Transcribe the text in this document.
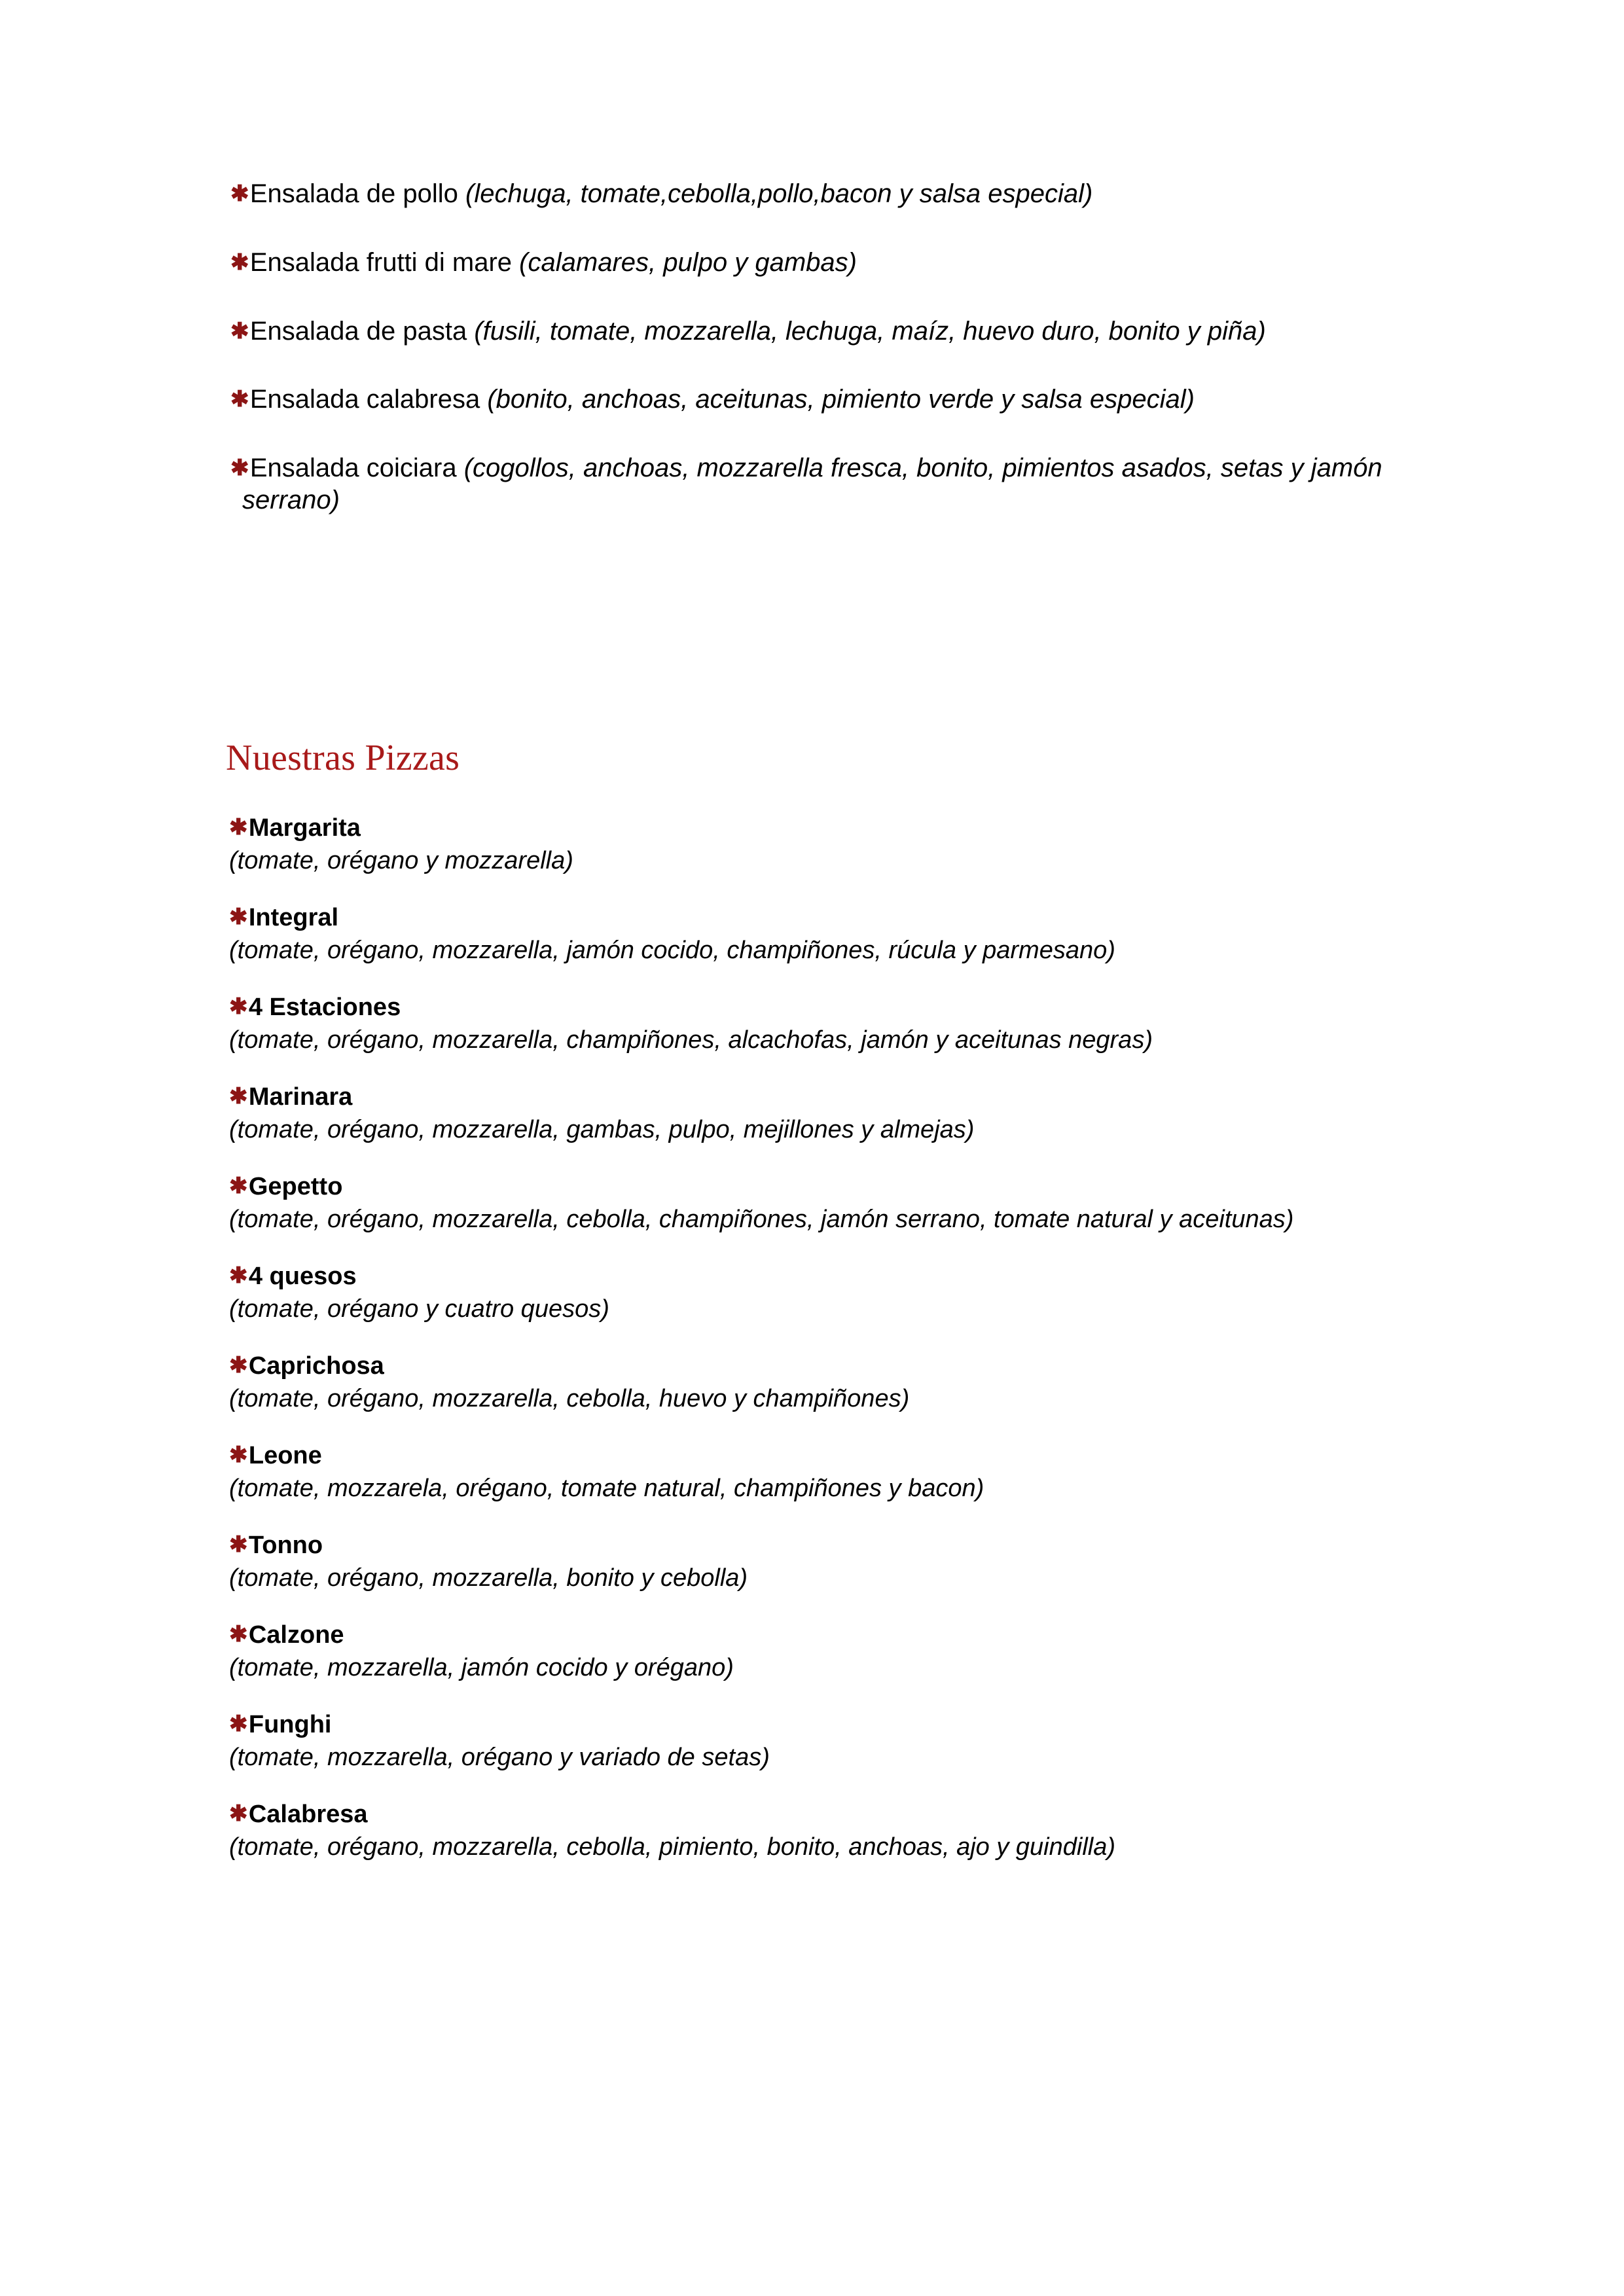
✱Ensalada de pollo (lechuga, tomate,cebolla,pollo,bacon y salsa especial)

✱Ensalada frutti di mare (calamares, pulpo y gambas)

✱Ensalada de pasta (fusili, tomate, mozzarella, lechuga, maíz, huevo duro, bonito y piña)

✱Ensalada calabresa (bonito, anchoas, aceitunas, pimiento verde y salsa especial)

✱Ensalada coiciara (cogollos, anchoas, mozzarella fresca, bonito, pimientos asados, setas y jamón serrano)

Nuestras Pizzas
✱Margarita
(tomate, orégano y mozzarella)
✱Integral
(tomate, orégano, mozzarella, jamón cocido, champiñones, rúcula y parmesano)
✱4 Estaciones
(tomate, orégano, mozzarella, champiñones, alcachofas, jamón y aceitunas negras)
✱Marinara
(tomate, orégano, mozzarella, gambas, pulpo, mejillones y almejas)
✱Gepetto
(tomate, orégano, mozzarella, cebolla, champiñones, jamón serrano, tomate natural y aceitunas)
✱4 quesos
(tomate, orégano y cuatro quesos)
✱Caprichosa
(tomate, orégano, mozzarella, cebolla, huevo y champiñones)
✱Leone
(tomate, mozzarela, orégano, tomate natural, champiñones y bacon)
✱Tonno
(tomate, orégano, mozzarella, bonito y cebolla)
✱Calzone
(tomate, mozzarella, jamón cocido y orégano)
✱Funghi
(tomate, mozzarella, orégano y variado de setas)
✱Calabresa
(tomate, orégano, mozzarella, cebolla, pimiento, bonito, anchoas, ajo y guindilla)
